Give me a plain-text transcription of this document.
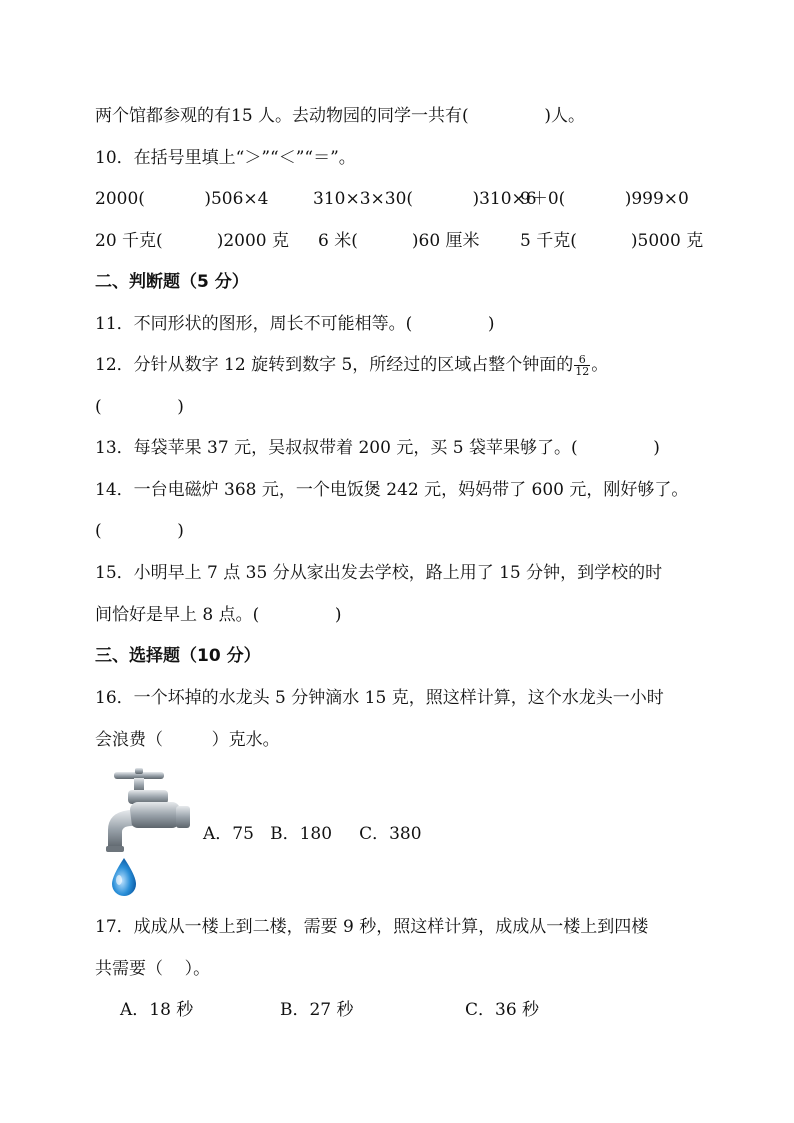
两个馆都参观的有15 人。去动物园的同学一共有(              )人。
10．在括号里填上“＞”“＜”“＝”。
2000(           )506×4	310×3×30(           )310×6
9＋0(           )999×0
20 千克(          )2000 克 6 米(          )60 厘米 5 千克(          )5000 克
二、判断题（5 分）
11．不同形状的图形，周长不可能相等。(              )
12．分针从数字 12 旋转到数字 5，所经过的区域占整个钟面的 $\frac{6}{12}$ 。
(              )
13．每袋苹果 37 元，吴叔叔带着 200 元，买 5 袋苹果够了。(              )
14．一台电磁炉 368 元，一个电饭煲 242 元，妈妈带了 600 元，刚好够了。
(              )
15．小明早上 7 点 35 分从家出发去学校，路上用了 15 分钟，到学校的时
间恰好是早上 8 点。(              )
三、选择题（10 分）
16．一个坏掉的水龙头 5 分钟滴水 15 克，照这样计算，这个水龙头一小时
会浪费（         ）克水。
A．75   B．180     C．380
17．成成从一楼上到二楼，需要 9 秒，照这样计算，成成从一楼上到四楼
共需要（    ）。
A．18 秒	B．27 秒	C．36 秒
